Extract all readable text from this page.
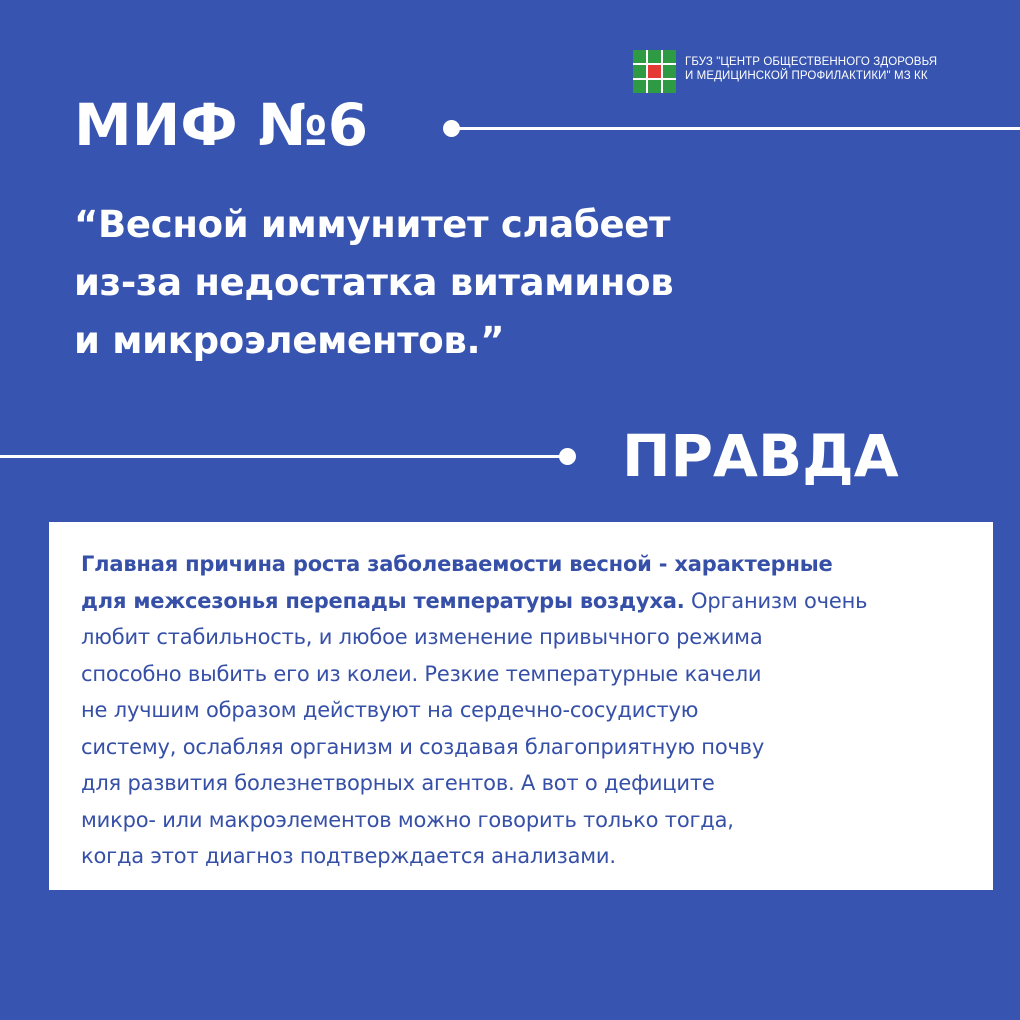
ГБУЗ "ЦЕНТР ОБЩЕСТВЕННОГО ЗДОРОВЬЯ
И МЕДИЦИНСКОЙ ПРОФИЛАКТИКИ" МЗ КК
МИФ №6
“Весной иммунитет слабеет
из-за недостатка витаминов
и микроэлементов.”
ПРАВДА
Главная причина роста заболеваемости весной - характерные
для межсезонья перепады температуры воздуха. Организм очень
любит стабильность, и любое изменение привычного режима
способно выбить его из колеи. Резкие температурные качели
не лучшим образом действуют на сердечно-сосудистую
систему, ослабляя организм и создавая благоприятную почву
для развития болезнетворных агентов. А вот о дефиците
микро- или макроэлементов можно говорить только тогда,
когда этот диагноз подтверждается анализами.
